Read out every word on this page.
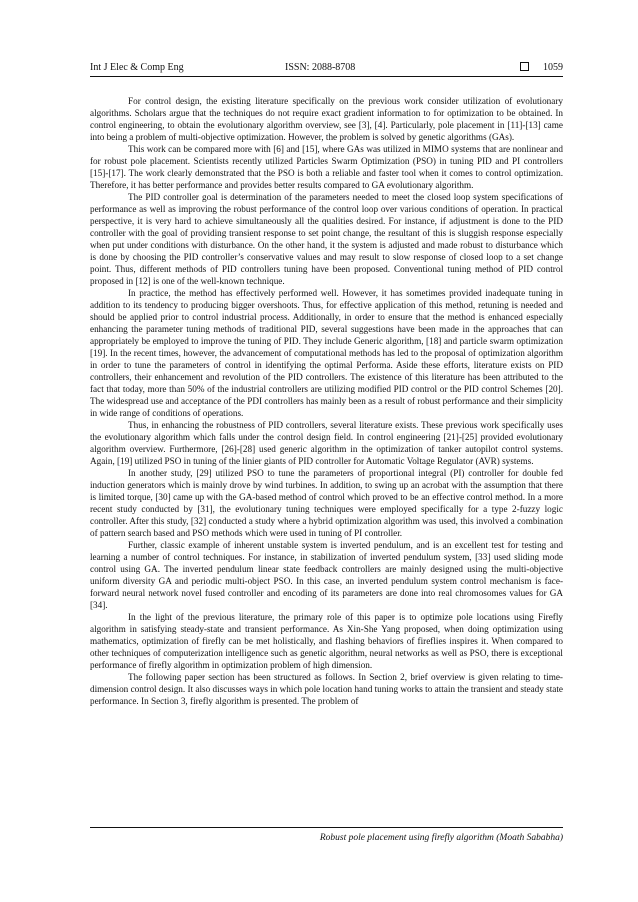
Int J Elec & Comp Eng	ISSN: 2088-8708	1059

For control design, the existing literature specifically on the previous work consider utilization of evolutionary algorithms. Scholars argue that the techniques do not require exact gradient information to for optimization to be obtained. In control engineering, to obtain the evolutionary algorithm overview, see [3], [4]. Particularly, pole placement in [11]-[13] came into being a problem of multi-objective optimization. However, the problem is solved by genetic algorithms (GAs).

This work can be compared more with [6] and [15], where GAs was utilized in MIMO systems that are nonlinear and for robust pole placement. Scientists recently utilized Particles Swarm Optimization (PSO) in tuning PID and PI controllers [15]-[17]. The work clearly demonstrated that the PSO is both a reliable and faster tool when it comes to control optimization. Therefore, it has better performance and provides better results compared to GA evolutionary algorithm.

The PID controller goal is determination of the parameters needed to meet the closed loop system specifications of performance as well as improving the robust performance of the control loop over various conditions of operation. In practical perspective, it is very hard to achieve simultaneously all the qualities desired. For instance, if adjustment is done to the PID controller with the goal of providing transient response to set point change, the resultant of this is sluggish response especially when put under conditions with disturbance. On the other hand, it the system is adjusted and made robust to disturbance which is done by choosing the PID controller’s conservative values and may result to slow response of closed loop to a set change point. Thus, different methods of PID controllers tuning have been proposed. Conventional tuning method of PID control proposed in [12] is one of the well-known technique.

In practice, the method has effectively performed well. However, it has sometimes provided inadequate tuning in addition to its tendency to producing bigger overshoots. Thus, for effective application of this method, retuning is needed and should be applied prior to control industrial process. Additionally, in order to ensure that the method is enhanced especially enhancing the parameter tuning methods of traditional PID, several suggestions have been made in the approaches that can appropriately be employed to improve the tuning of PID. They include Generic algorithm, [18] and particle swarm optimization [19]. In the recent times, however, the advancement of computational methods has led to the proposal of optimization algorithm in order to tune the parameters of control in identifying the optimal Performa. Aside these efforts, literature exists on PID controllers, their enhancement and revolution of the PID controllers. The existence of this literature has been attributed to the fact that today, more than 50% of the industrial controllers are utilizing modified PID control or the PID control Schemes [20]. The widespread use and acceptance of the PDI controllers has mainly been as a result of robust performance and their simplicity in wide range of conditions of operations.

Thus, in enhancing the robustness of PID controllers, several literature exists. These previous work specifically uses the evolutionary algorithm which falls under the control design field. In control engineering [21]-[25] provided evolutionary algorithm overview. Furthermore, [26]-[28] used generic algorithm in the optimization of tanker autopilot control systems. Again, [19] utilized PSO in tuning of the linier giants of PID controller for Automatic Voltage Regulator (AVR) systems.

In another study, [29] utilized PSO to tune the parameters of proportional integral (PI) controller for double fed induction generators which is mainly drove by wind turbines. In addition, to swing up an acrobat with the assumption that there is limited torque, [30] came up with the GA-based method of control which proved to be an effective control method. In a more recent study conducted by [31], the evolutionary tuning techniques were employed specifically for a type 2-fuzzy logic controller. After this study, [32] conducted a study where a hybrid optimization algorithm was used, this involved a combination of pattern search based and PSO methods which were used in tuning of PI controller.

Further, classic example of inherent unstable system is inverted pendulum, and is an excellent test for testing and learning a number of control techniques. For instance, in stabilization of inverted pendulum system, [33] used sliding mode control using GA. The inverted pendulum linear state feedback controllers are mainly designed using the multi-objective uniform diversity GA and periodic multi-object PSO. In this case, an inverted pendulum system control mechanism is face-forward neural network novel fused controller and encoding of its parameters are done into real chromosomes values for GA [34].

In the light of the previous literature, the primary role of this paper is to optimize pole locations using Firefly algorithm in satisfying steady-state and transient performance. As Xin-She Yang proposed, when doing optimization using mathematics, optimization of firefly can be met holistically, and flashing behaviors of fireflies inspires it. When compared to other techniques of computerization intelligence such as genetic algorithm, neural networks as well as PSO, there is exceptional performance of firefly algorithm in optimization problem of high dimension.

The following paper section has been structured as follows. In Section 2, brief overview is given relating to time-dimension control design. It also discusses ways in which pole location hand tuning works to attain the transient and steady state performance. In Section 3, firefly algorithm is presented. The problem of

Robust pole placement using firefly algorithm (Moath Sababha)
